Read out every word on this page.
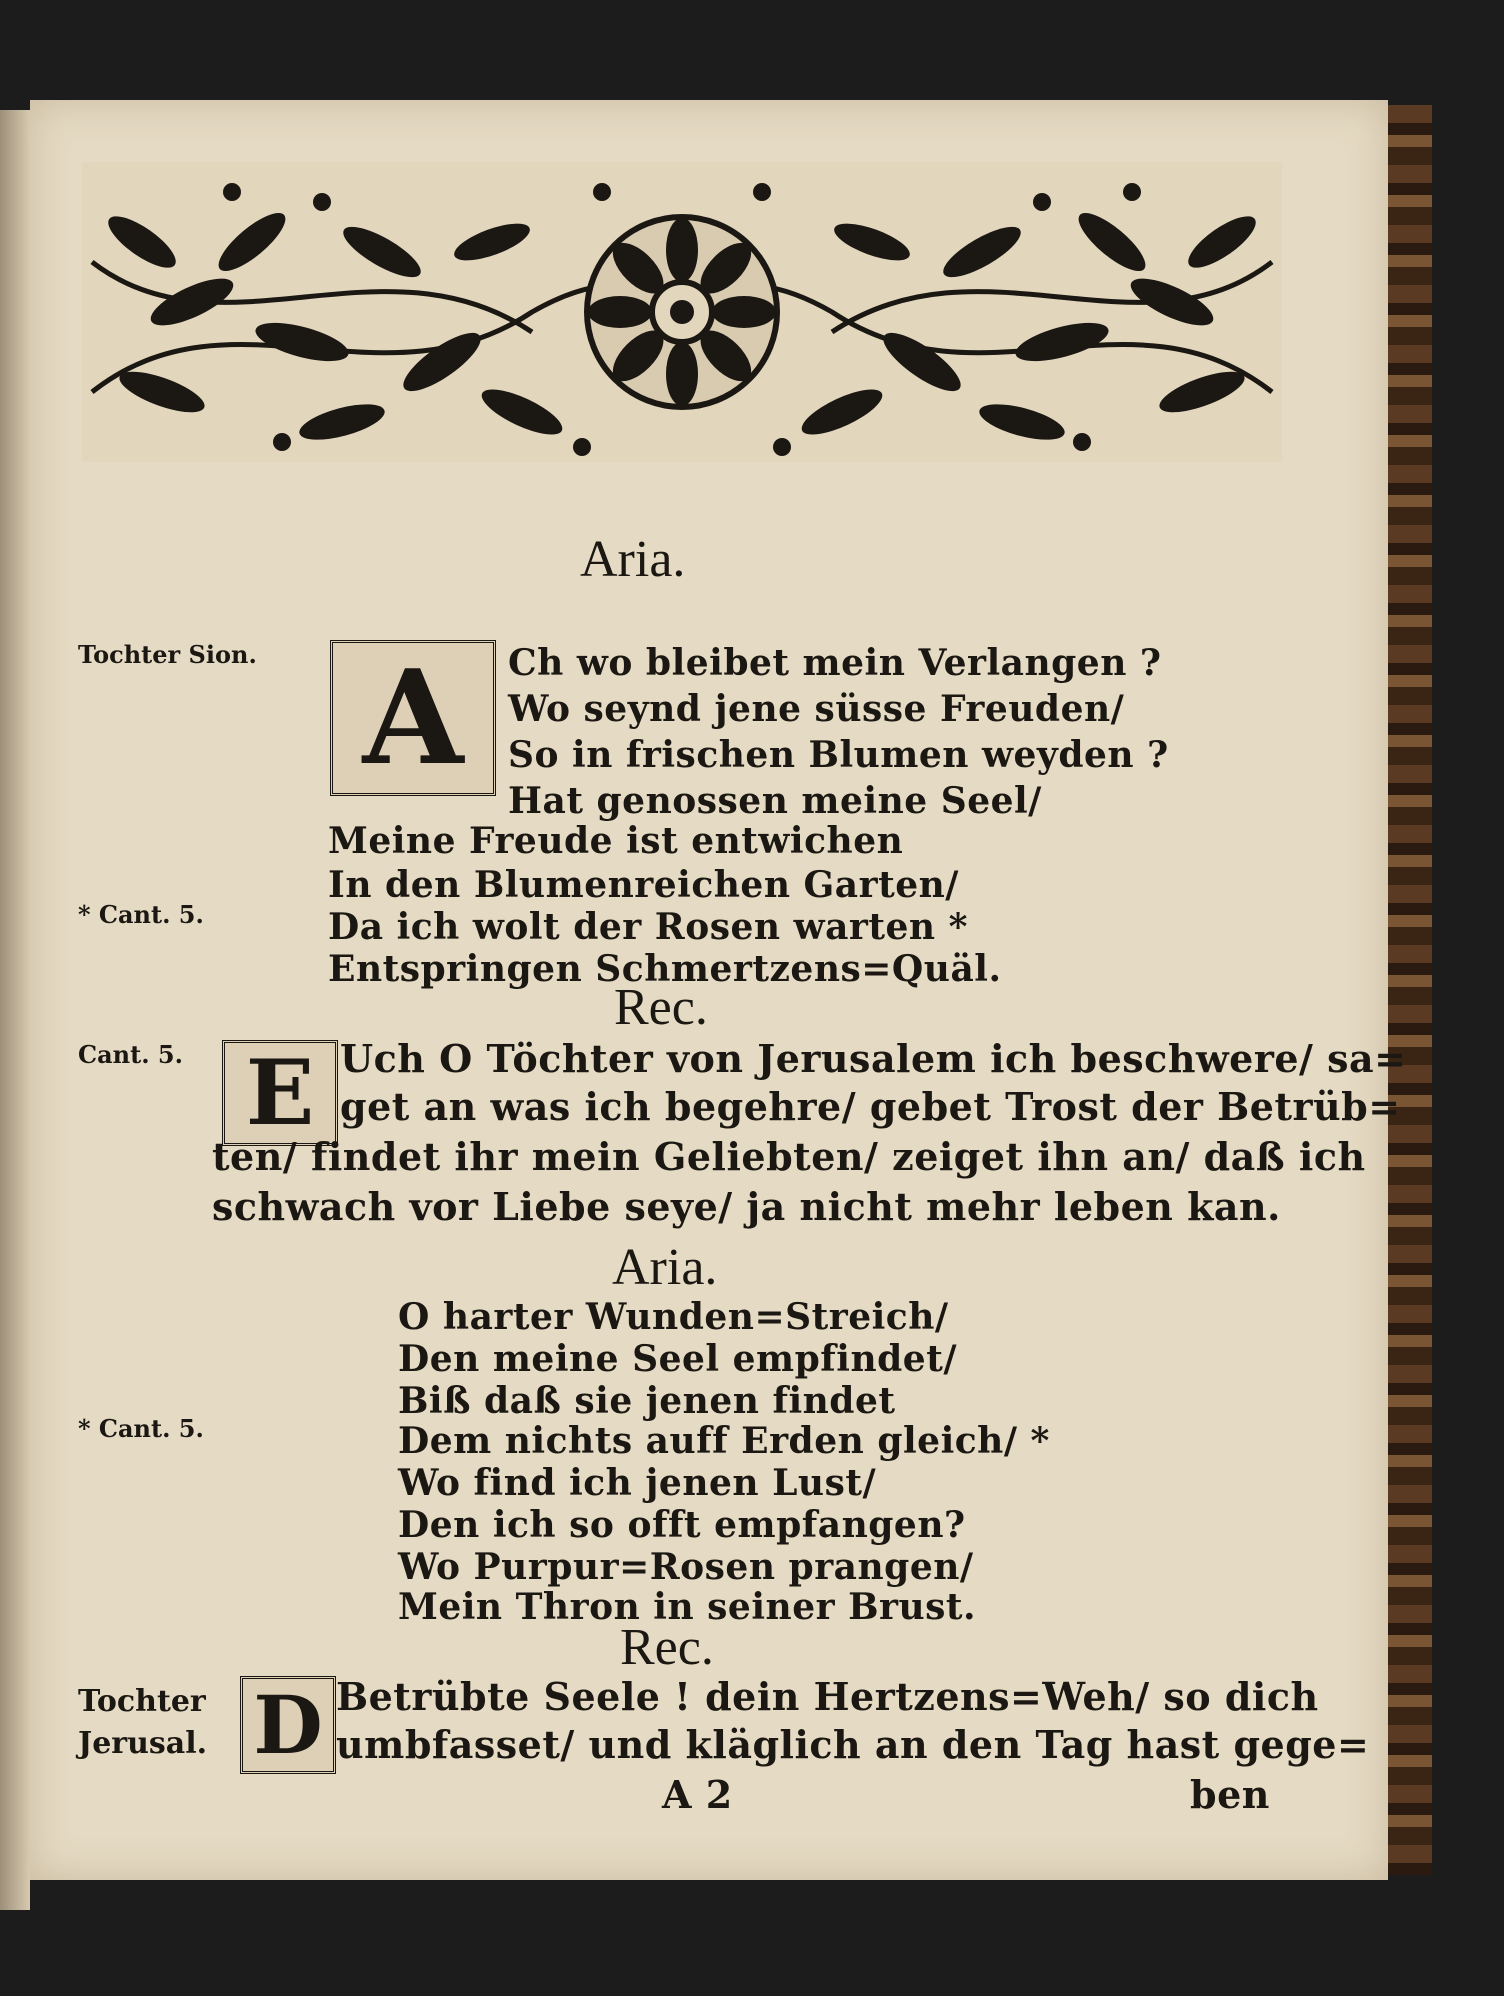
Aria.
Tochter Sion. A	Ch wo bleibet mein Verlangen ?
Wo seynd jene süsse Freuden/
So in frischen Blumen weyden ?
Hat genossen meine Seel/
Meine Freude ist entwichen
In den Blumenreichen Garten/
Da ich wolt der Rosen warten *
Entspringen Schmertzens=Quäl.
* Cant. 5.
Rec.
Cant. 5. E Uch O Töchter von Jerusalem ich beschwere/ sa=
get an was ich begehre/ gebet Trost der Betrüb=
ten/ findet ihr mein Geliebten/ zeiget ihn an/ daß ich
schwach vor Liebe seye/ ja nicht mehr leben kan.
Aria.
O harter Wunden=Streich/
Den meine Seel empfindet/
Biß daß sie jenen findet
Dem nichts auff Erden gleich/ *
Wo find ich jenen Lust/
Den ich so offt empfangen?
Wo Purpur=Rosen prangen/
Mein Thron in seiner Brust.
* Cant. 5.
Rec.
Tochter
Jerusal. D Betrübte Seele ! dein Hertzens=Weh/ so dich
umbfasset/ und kläglich an den Tag hast gege=
A 2	ben
